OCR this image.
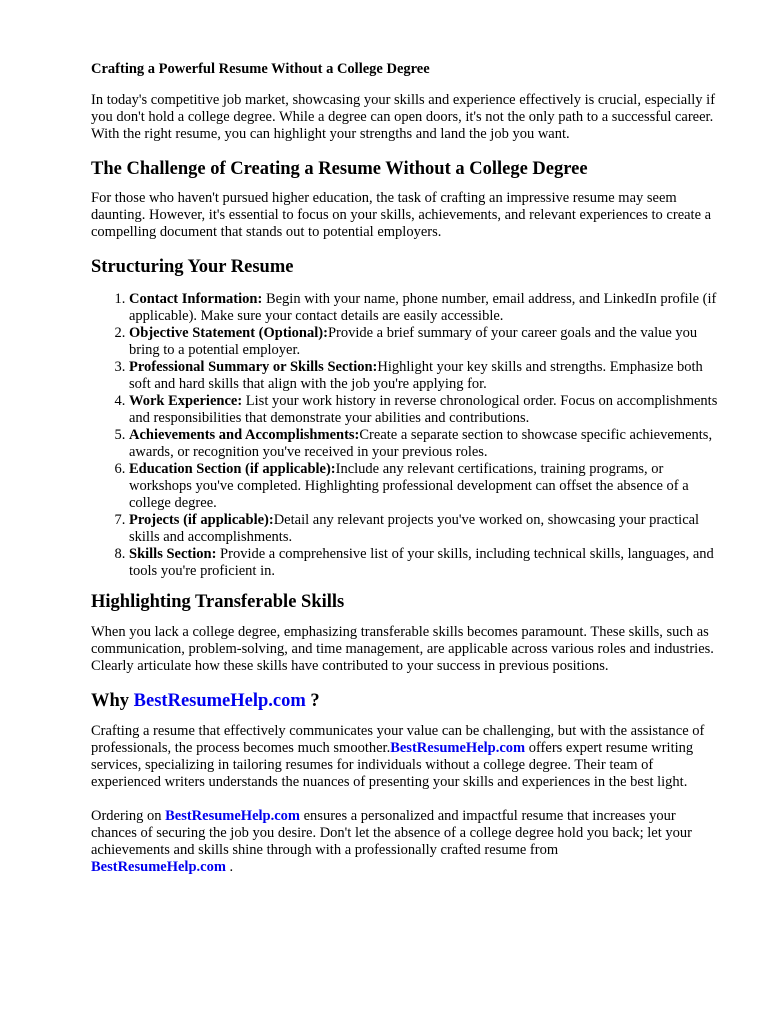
Crafting a Powerful Resume Without a College Degree

In today's competitive job market, showcasing your skills and experience effectively is crucial, especially if you don't hold a college degree. While a degree can open doors, it's not the only path to a successful career. With the right resume, you can highlight your strengths and land the job you want.

The Challenge of Creating a Resume Without a College Degree

For those who haven't pursued higher education, the task of crafting an impressive resume may seem daunting. However, it's essential to focus on your skills, achievements, and relevant experiences to create a compelling document that stands out to potential employers.

Structuring Your Resume
1. Contact Information: Begin with your name, phone number, email address, and LinkedIn profile (if applicable). Make sure your contact details are easily accessible.
2. Objective Statement (Optional):Provide a brief summary of your career goals and the value you bring to a potential employer.
3. Professional Summary or Skills Section:Highlight your key skills and strengths. Emphasize both soft and hard skills that align with the job you're applying for.
4. Work Experience: List your work history in reverse chronological order. Focus on accomplishments and responsibilities that demonstrate your abilities and contributions.
5. Achievements and Accomplishments:Create a separate section to showcase specific achievements, awards, or recognition you've received in your previous roles.
6. Education Section (if applicable):Include any relevant certifications, training programs, or workshops you've completed. Highlighting professional development can offset the absence of a college degree.
7. Projects (if applicable):Detail any relevant projects you've worked on, showcasing your practical skills and accomplishments.
8. Skills Section: Provide a comprehensive list of your skills, including technical skills, languages, and tools you're proficient in.
Highlighting Transferable Skills

When you lack a college degree, emphasizing transferable skills becomes paramount. These skills, such as communication, problem-solving, and time management, are applicable across various roles and industries. Clearly articulate how these skills have contributed to your success in previous positions.

Why BestResumeHelp.com ?

Crafting a resume that effectively communicates your value can be challenging, but with the assistance of professionals, the process becomes much smoother.BestResumeHelp.com offers expert resume writing services, specializing in tailoring resumes for individuals without a college degree. Their team of experienced writers understands the nuances of presenting your skills and experiences in the best light.

Ordering on BestResumeHelp.com ensures a personalized and impactful resume that increases your chances of securing the job you desire. Don't let the absence of a college degree hold you back; let your achievements and skills shine through with a professionally crafted resume from
BestResumeHelp.com .
